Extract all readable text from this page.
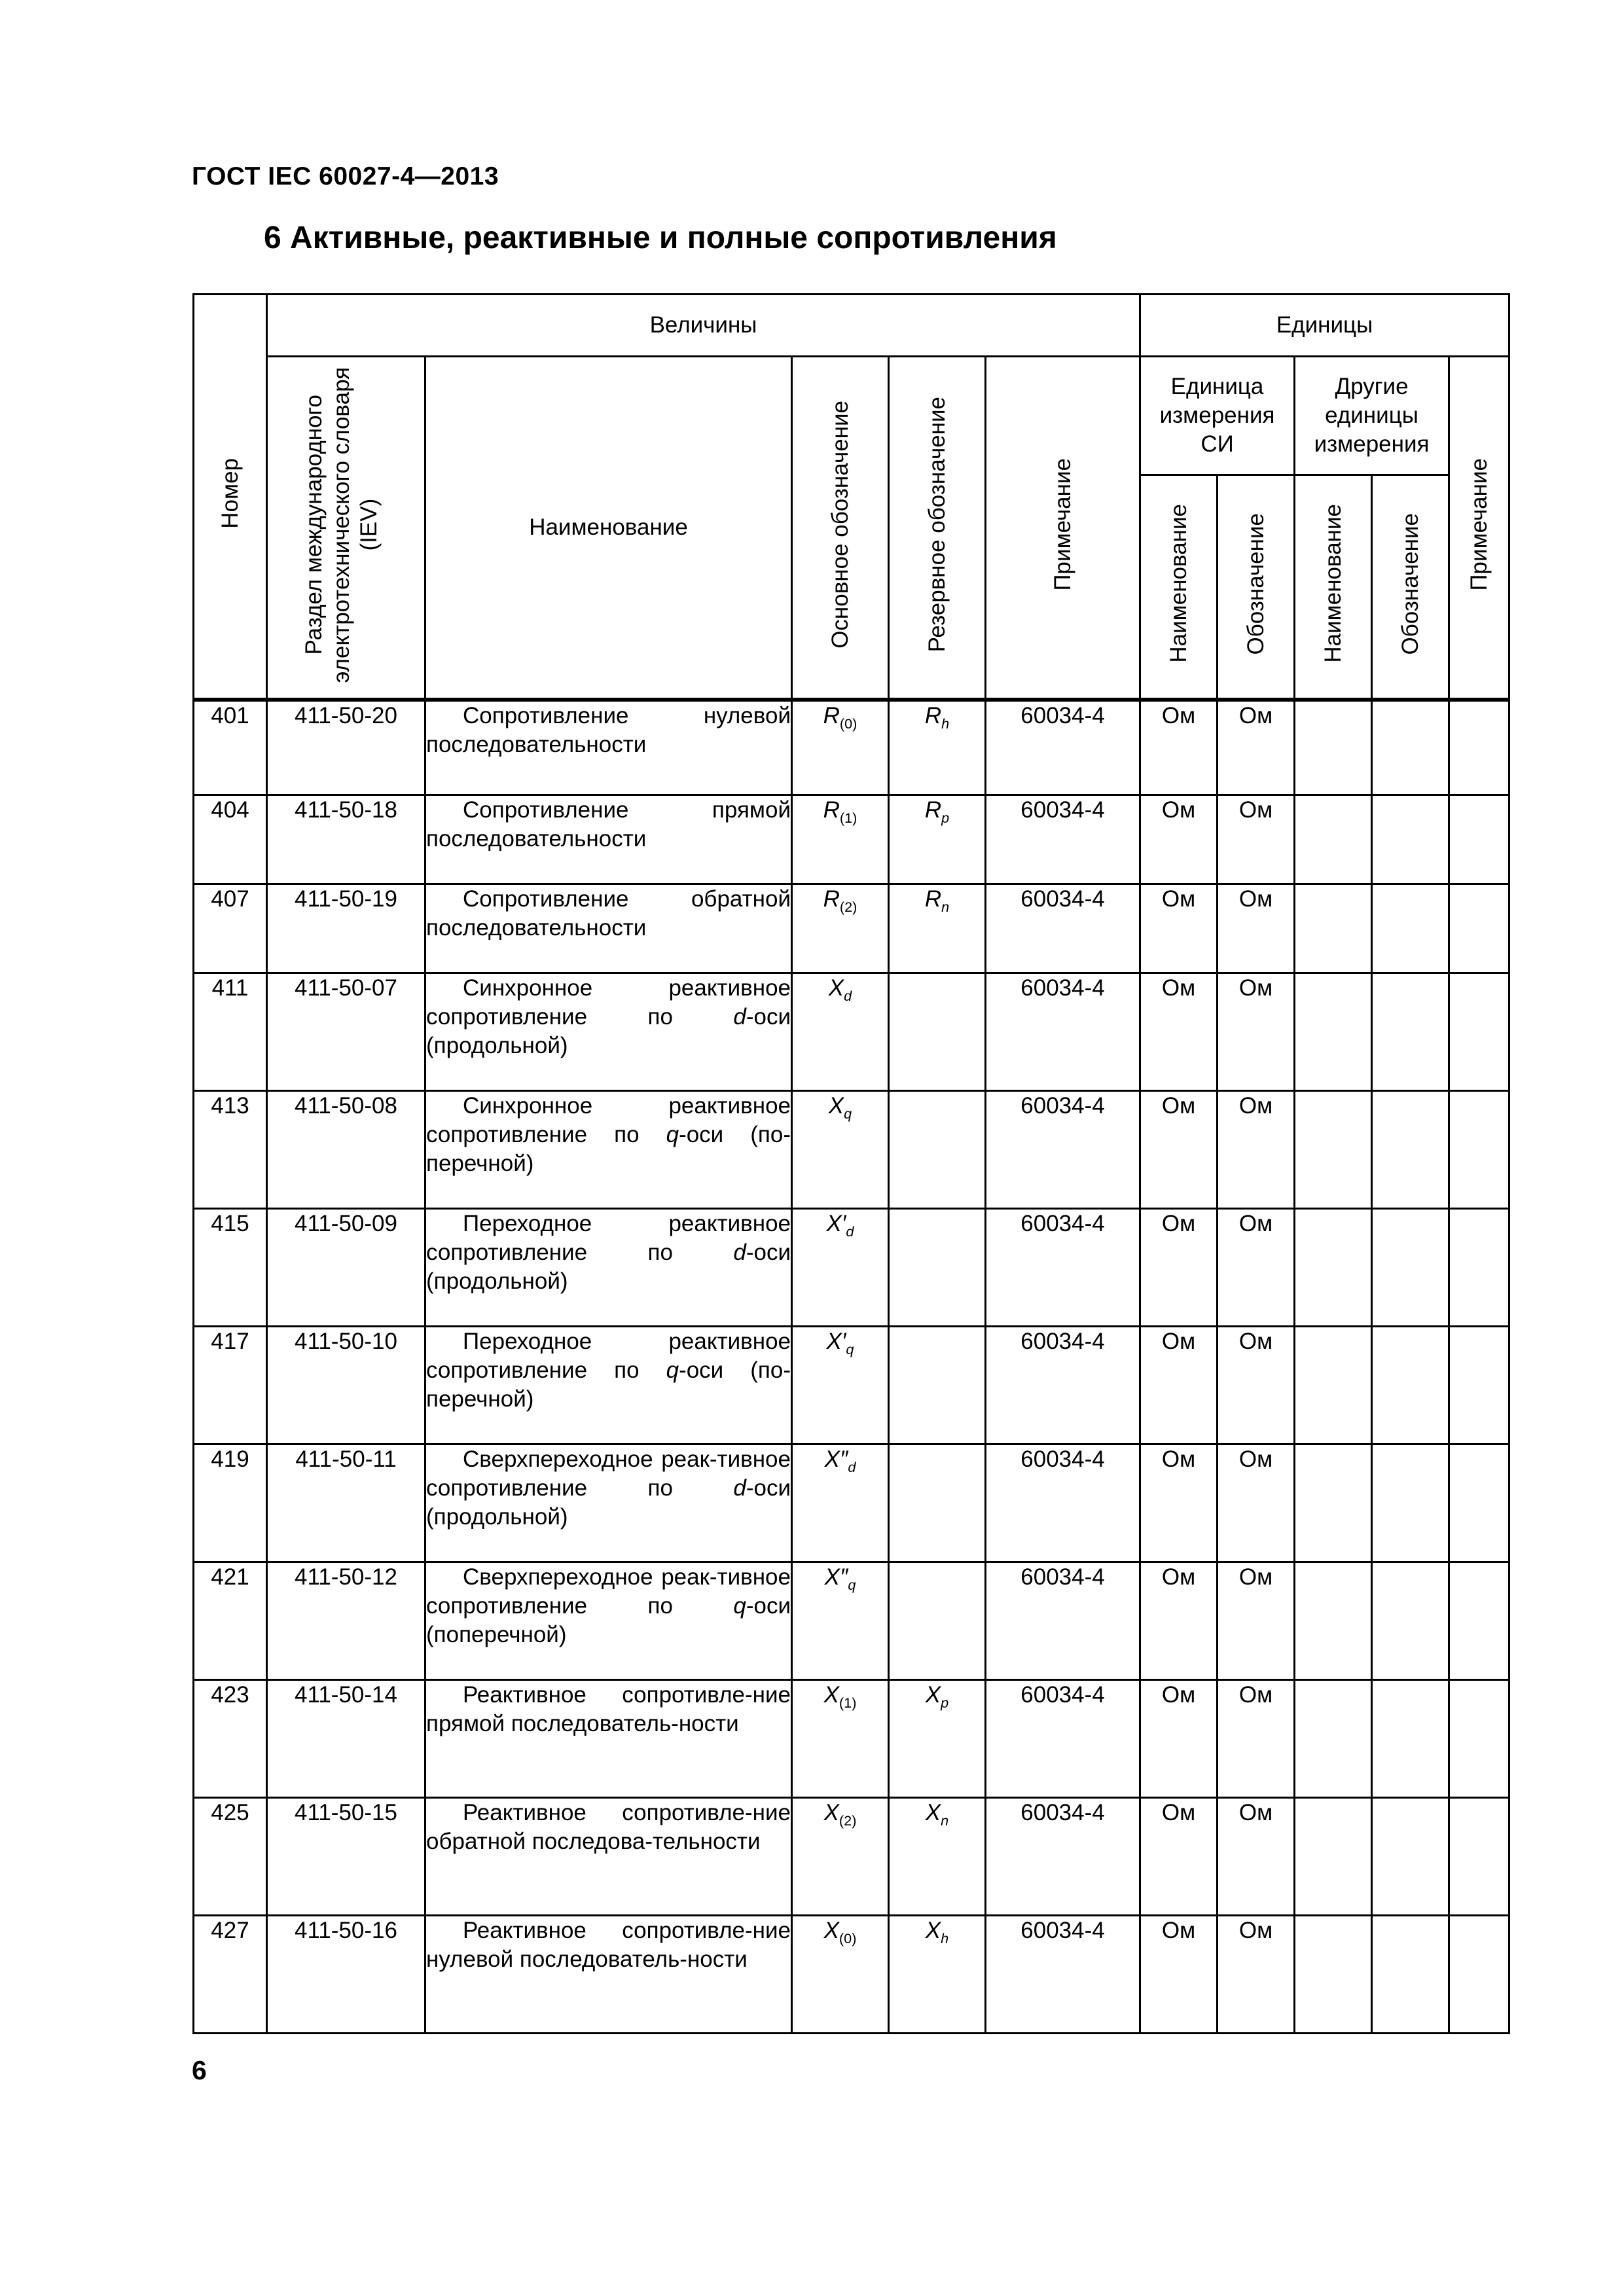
ГОСТ IEC 60027-4—2013
6 Активные, реактивные и полные сопротивления
Номер	Величины					Единицы				
	Раздел международного электротехнического словаря (IEV)	Наименование	Основное обозначение	Резервное обозначение	Примечание	Единица измерения СИ		Другие единицы измерения		Примечание
						Наименование	Обозначение	Наименование	Обозначение	
401	411-50-20	Сопротивление нулевой последовательности	$R_{(0)}$	$R_h$	60034-4	Ом	Ом			
404	411-50-18	Сопротивление прямой последовательности	$R_{(1)}$	$R_p$	60034-4	Ом	Ом			
407	411-50-19	Сопротивление обратной последовательности	$R_{(2)}$	$R_n$	60034-4	Ом	Ом			
411	411-50-07	Синхронное реактивное сопротивление по d-оси (продольной)	$X_d$		60034-4	Ом	Ом			
413	411-50-08	Синхронное реактивное сопротивление по q-оси (по-перечной)	$X_q$		60034-4	Ом	Ом			
415	411-50-09	Переходное реактивное сопротивление по d-оси (продольной)	$X'_d$		60034-4	Ом	Ом			
417	411-50-10	Переходное реактивное сопротивление по q-оси (по-перечной)	$X'_q$		60034-4	Ом	Ом			
419	411-50-11	Сверхпереходное реак-тивное сопротивление по d-оси (продольной)	$X''_d$		60034-4	Ом	Ом			
421	411-50-12	Сверхпереходное реак-тивное сопротивление по q-оси (поперечной)	$X''_q$		60034-4	Ом	Ом			
423	411-50-14	Реактивное сопротивле-ние прямой последователь-ности	$X_{(1)}$	$X_p$	60034-4	Ом	Ом			
425	411-50-15	Реактивное сопротивле-ние обратной последова-тельности	$X_{(2)}$	$X_n$	60034-4	Ом	Ом			
427	411-50-16	Реактивное сопротивле-ние нулевой последователь-ности	$X_{(0)}$	$X_h$	60034-4	Ом	Ом			
6
